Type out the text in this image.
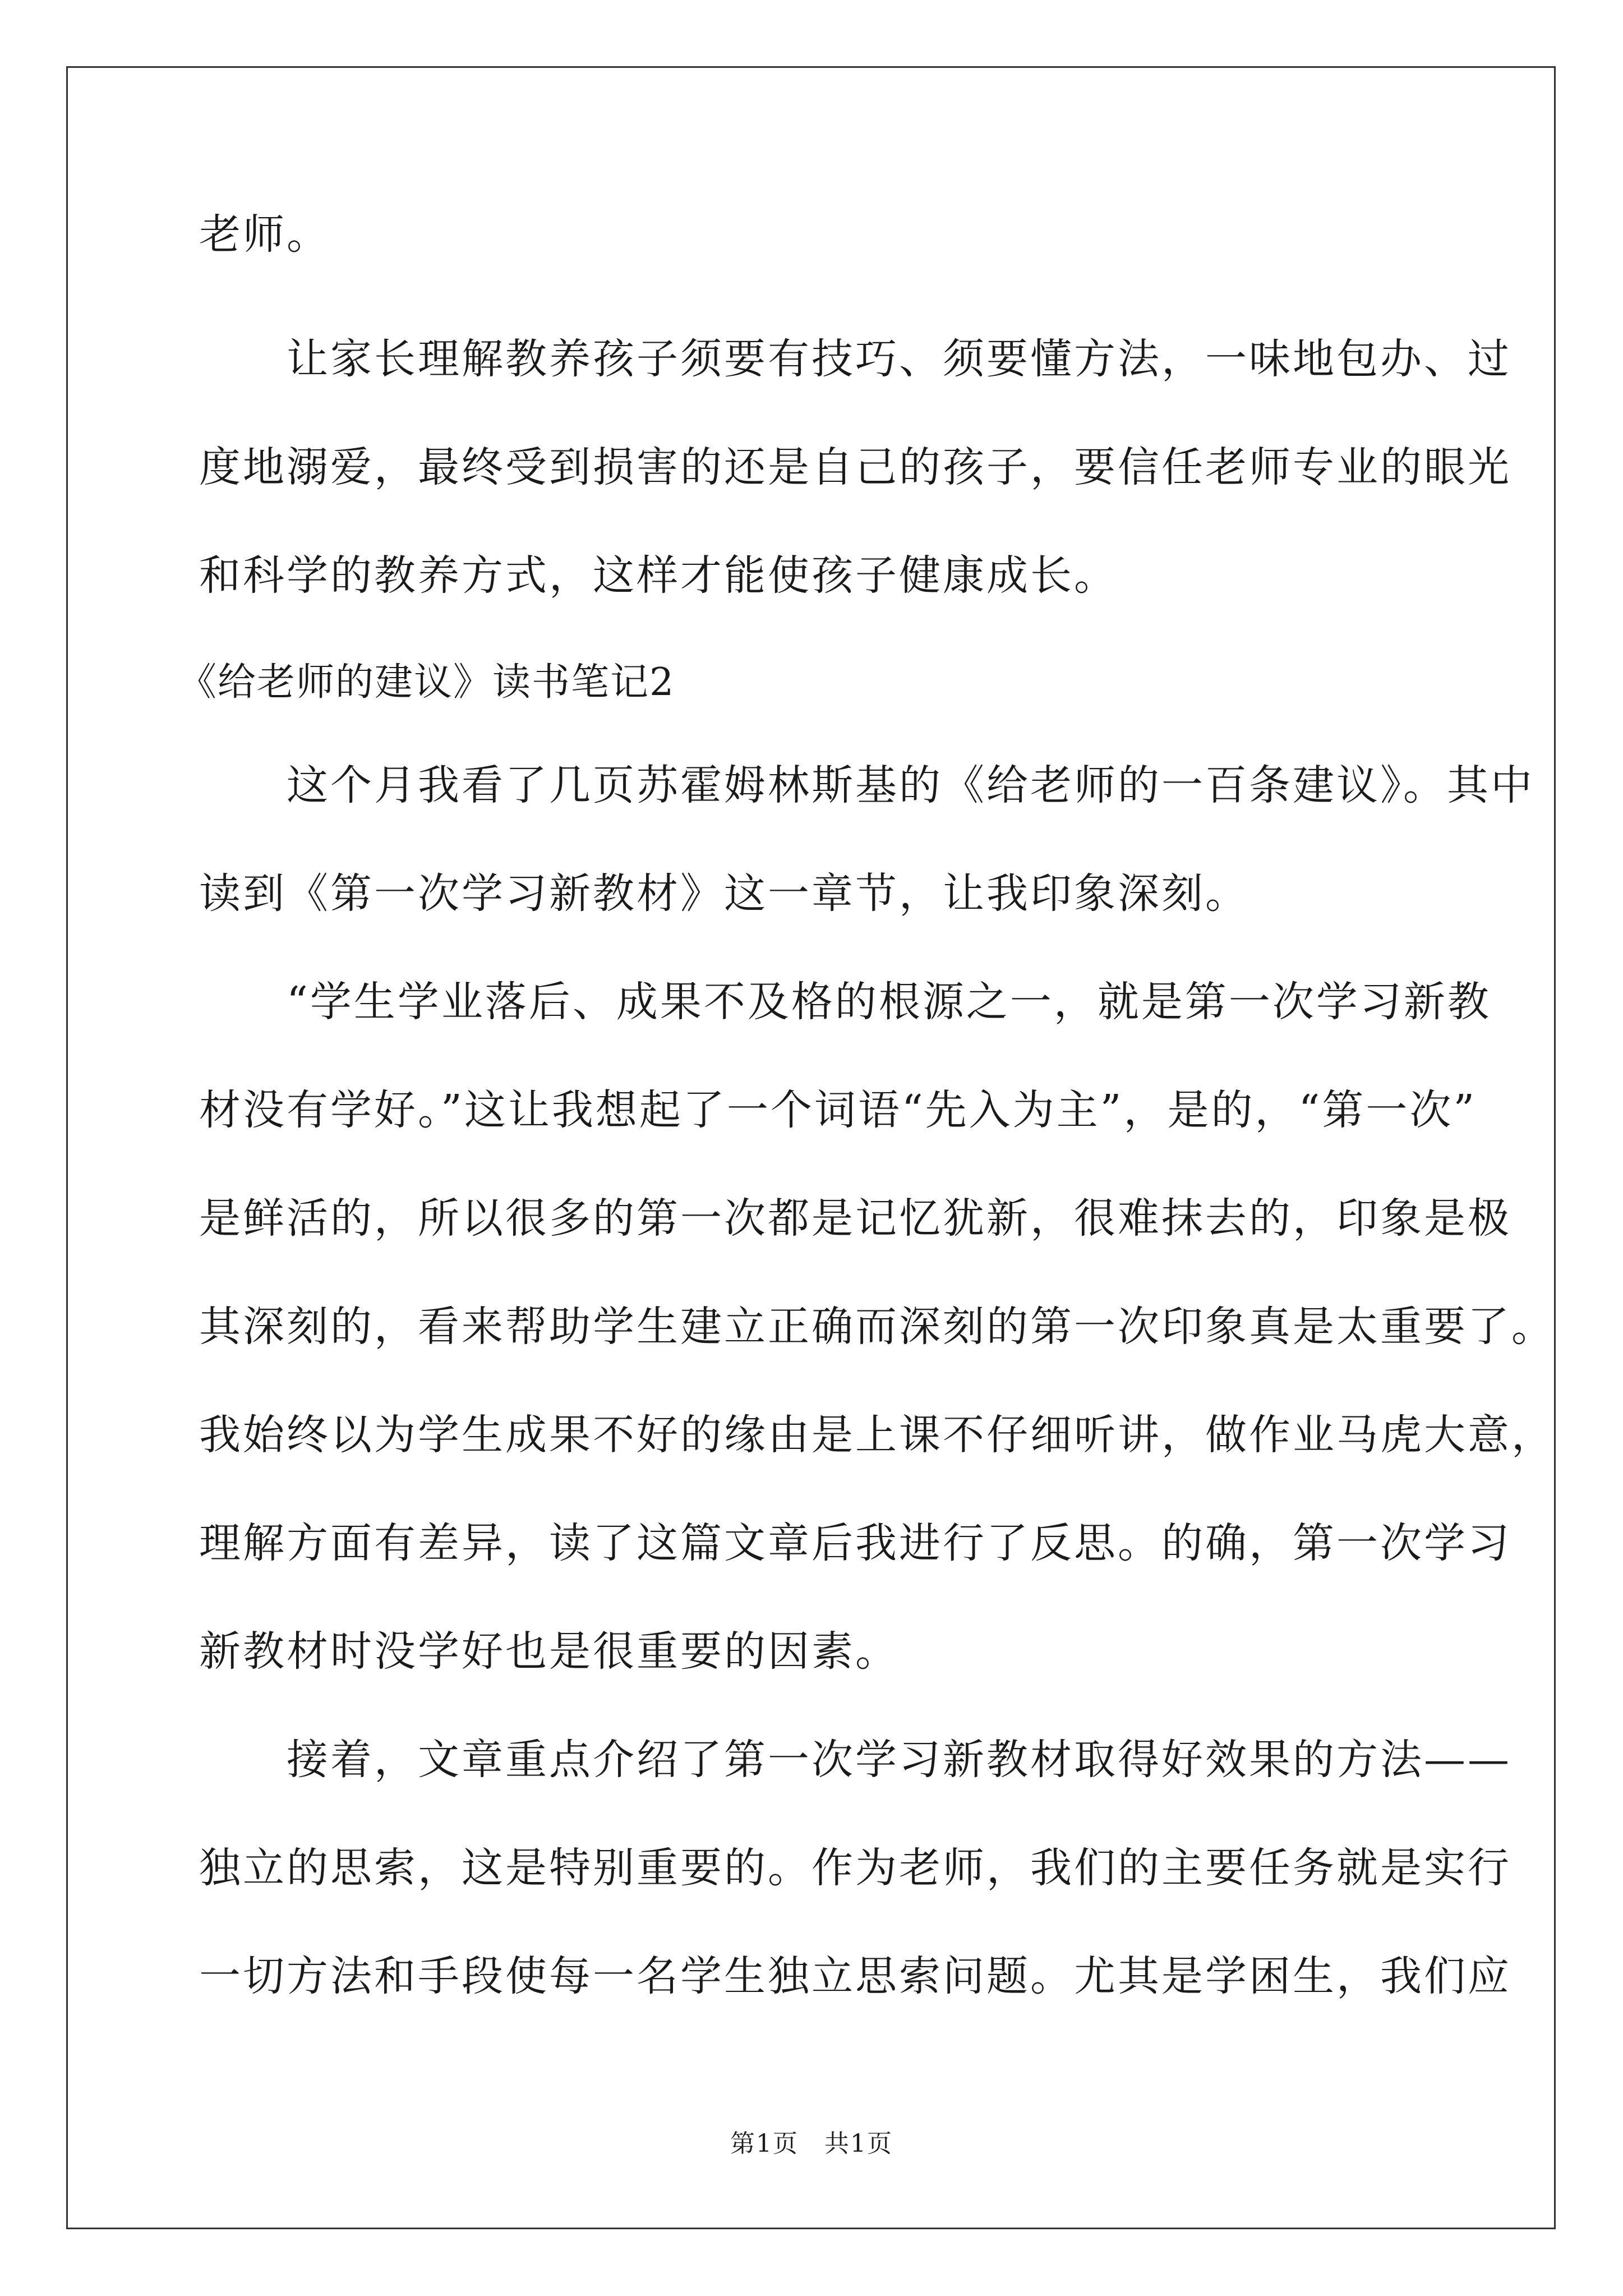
老师。
　　让家长理解教养孩子须要有技巧、须要懂方法，一味地包办、过
度地溺爱，最终受到损害的还是自己的孩子，要信任老师专业的眼光
和科学的教养方式，这样才能使孩子健康成长。
《给老师的建议》读书笔记2
　　这个月我看了几页苏霍姆林斯基的《给老师的一百条建议》。其中
读到《第一次学习新教材》这一章节，让我印象深刻。
　　“学生学业落后、成果不及格的根源之一，就是第一次学习新教
材没有学好。”这让我想起了一个词语“先入为主”，是的，“第一次”
是鲜活的，所以很多的第一次都是记忆犹新，很难抹去的，印象是极
其深刻的，看来帮助学生建立正确而深刻的第一次印象真是太重要了。
我始终以为学生成果不好的缘由是上课不仔细听讲，做作业马虎大意，
理解方面有差异，读了这篇文章后我进行了反思。的确，第一次学习
新教材时没学好也是很重要的因素。
　　接着，文章重点介绍了第一次学习新教材取得好效果的方法——
独立的思索，这是特别重要的。作为老师，我们的主要任务就是实行
一切方法和手段使每一名学生独立思索问题。尤其是学困生，我们应
第1页　共1页
